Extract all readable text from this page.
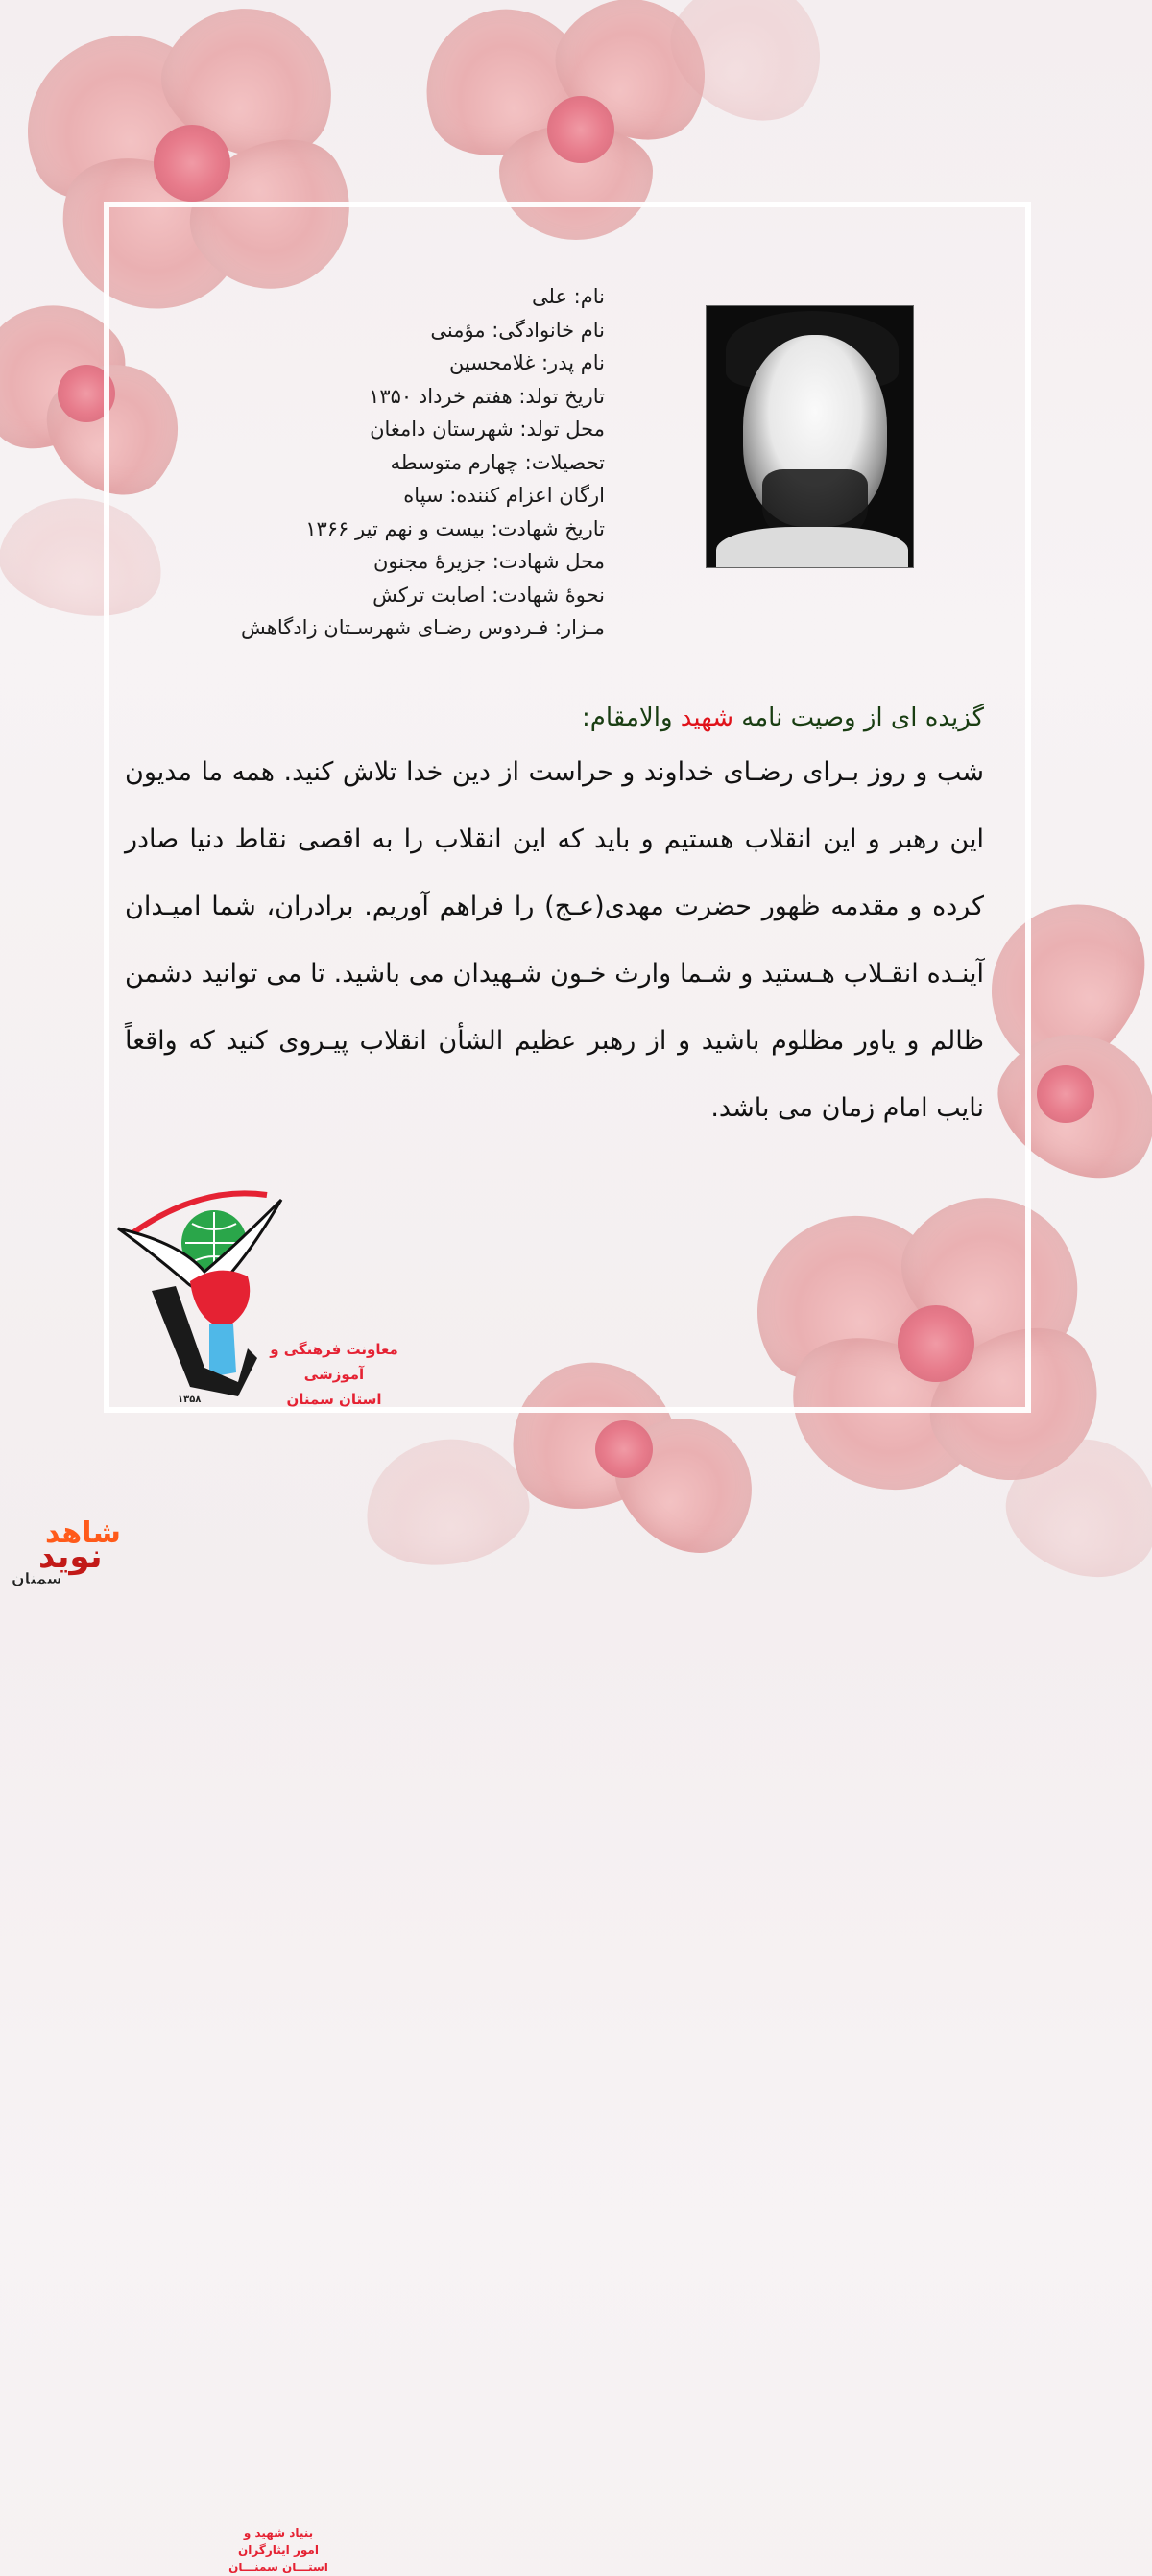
نام: علی
نام خانوادگی: مؤمنی
نام پدر: غلامحسین
تاریخ تولد: هفتم خرداد ۱۳۵۰
محل تولد: شهرستان دامغان
تحصیلات: چهارم متوسطه
ارگان اعزام کننده: سپاه
تاریخ شهادت: بیست و نهم تیر ۱۳۶۶
محل شهادت: جزیرهٔ مجنون
نحوهٔ شهادت: اصابت ترکش
مـزار: فـردوس رضـای شهرسـتان زادگاهش
گزیده ای از وصیت نامه شهید والامقام:
شب و روز بـرای رضـای خداوند و حراست از دین خدا تلاش کنید. همه ما مدیون این رهبر و این انقلاب هستیم و باید که این انقلاب را به اقصی نقاط دنیا صادر کرده و مقدمه ظهور حضرت مهدی(عـج) را فراهم آوریم. برادران، شما امیـدان آینـده انقـلاب هـستید و شـما وارث خـون شـهیدان می باشید. تا می توانید دشمن ظالم و یاور مظلوم باشید و از رهبر عظیم الشأن انقلاب پیـروی کنید که واقعاً نایب امام زمان می باشد.
بنیاد شهید و
امور ایثارگران
استـــان سمنـــان
۱۳۵۸
معاونت فرهنگی و آموزشی
استان سمنان
شاهد
نوید
سمنان
